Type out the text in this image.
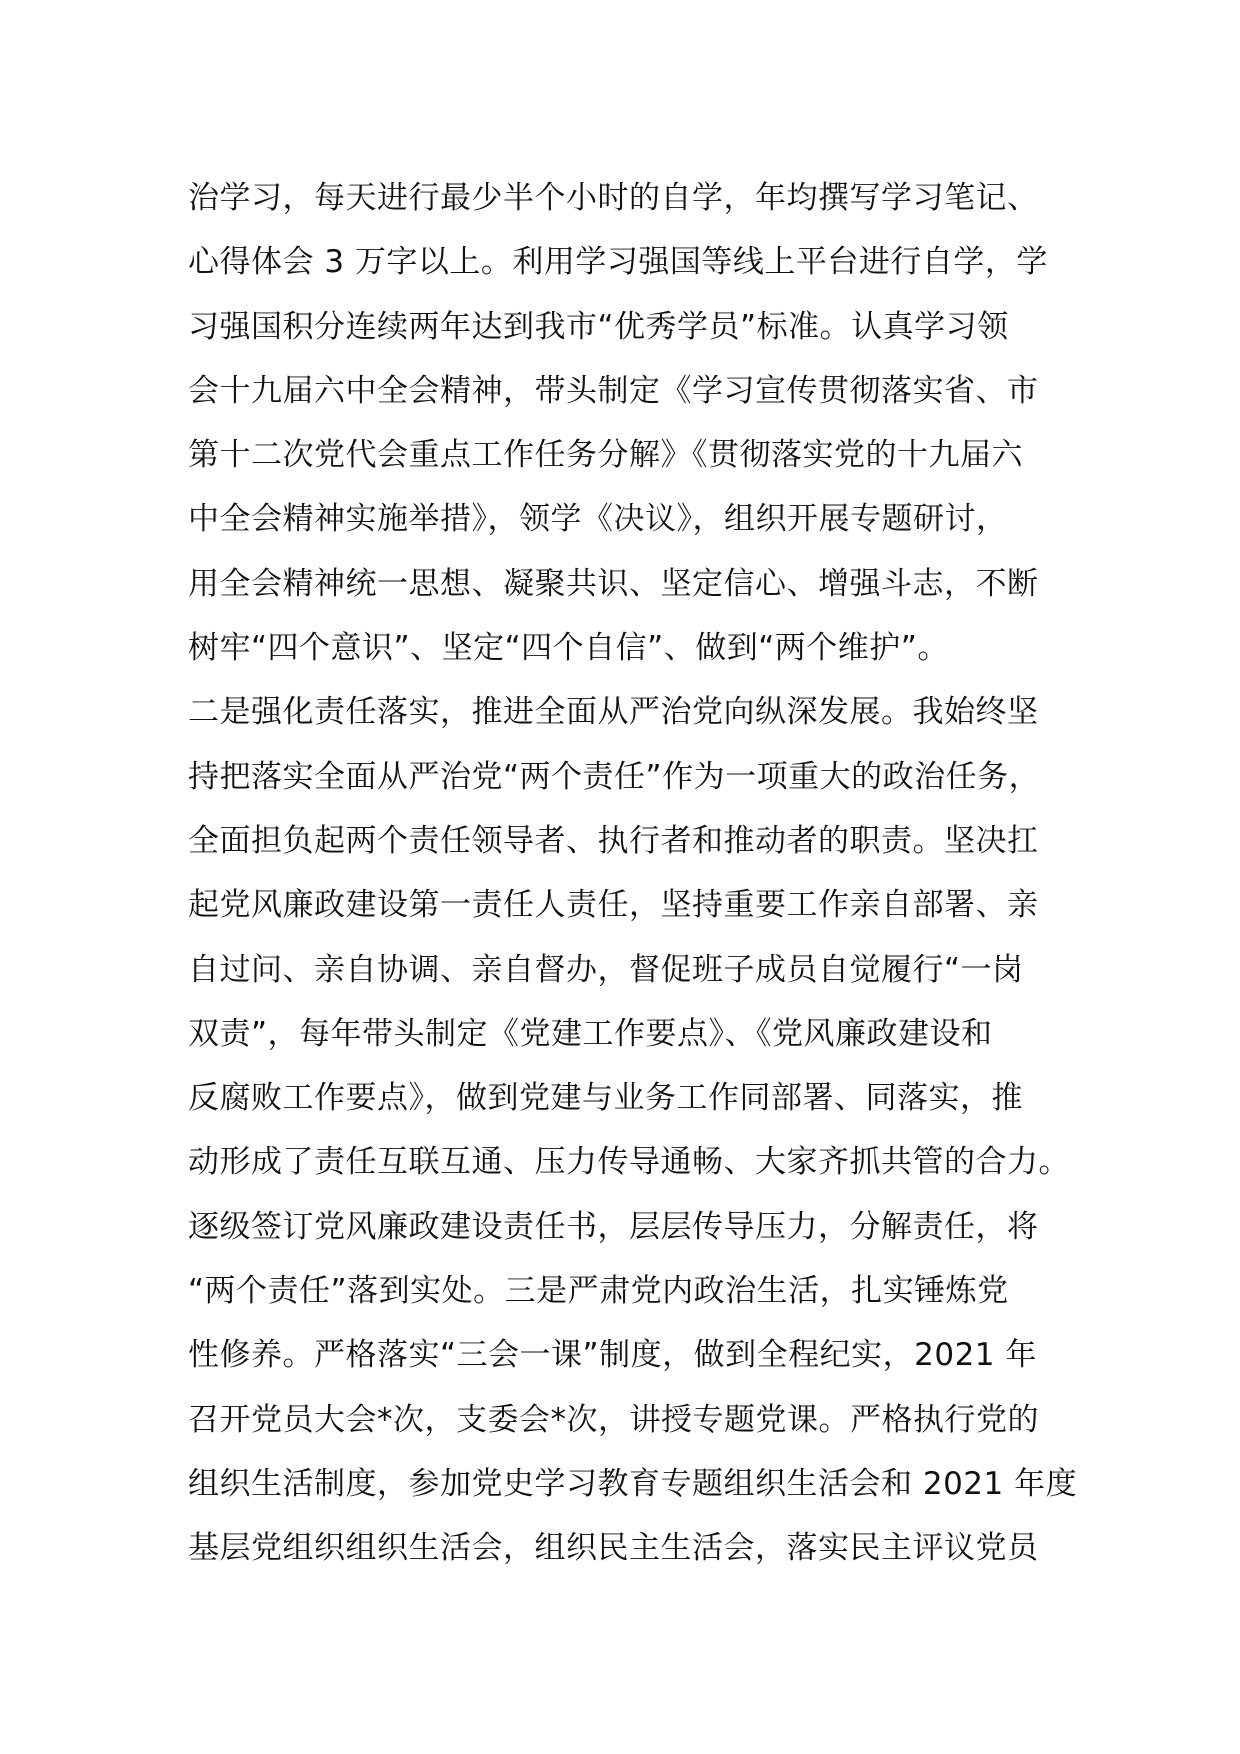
治学习，每天进行最少半个小时的自学，年均撰写学习笔记、
心得体会 3 万字以上。利用学习强国等线上平台进行自学，学
习强国积分连续两年达到我市“优秀学员”标准。认真学习领
会十九届六中全会精神，带头制定《学习宣传贯彻落实省、市
第十二次党代会重点工作任务分解》《贯彻落实党的十九届六
中全会精神实施举措》，领学《决议》，组织开展专题研讨，
用全会精神统一思想、凝聚共识、坚定信心、增强斗志，不断
树牢“四个意识”、坚定“四个自信”、做到“两个维护”。
二是强化责任落实，推进全面从严治党向纵深发展。我始终坚
持把落实全面从严治党“两个责任”作为一项重大的政治任务，
全面担负起两个责任领导者、执行者和推动者的职责。坚决扛
起党风廉政建设第一责任人责任，坚持重要工作亲自部署、亲
自过问、亲自协调、亲自督办，督促班子成员自觉履行“一岗
双责”，每年带头制定《党建工作要点》、《党风廉政建设和
反腐败工作要点》，做到党建与业务工作同部署、同落实，推
动形成了责任互联互通、压力传导通畅、大家齐抓共管的合力。
逐级签订党风廉政建设责任书，层层传导压力，分解责任，将
“两个责任”落到实处。三是严肃党内政治生活，扎实锤炼党
性修养。严格落实“三会一课”制度，做到全程纪实，2021 年
召开党员大会*次，支委会*次，讲授专题党课。严格执行党的
组织生活制度，参加党史学习教育专题组织生活会和 2021 年度
基层党组织组织生活会，组织民主生活会，落实民主评议党员
